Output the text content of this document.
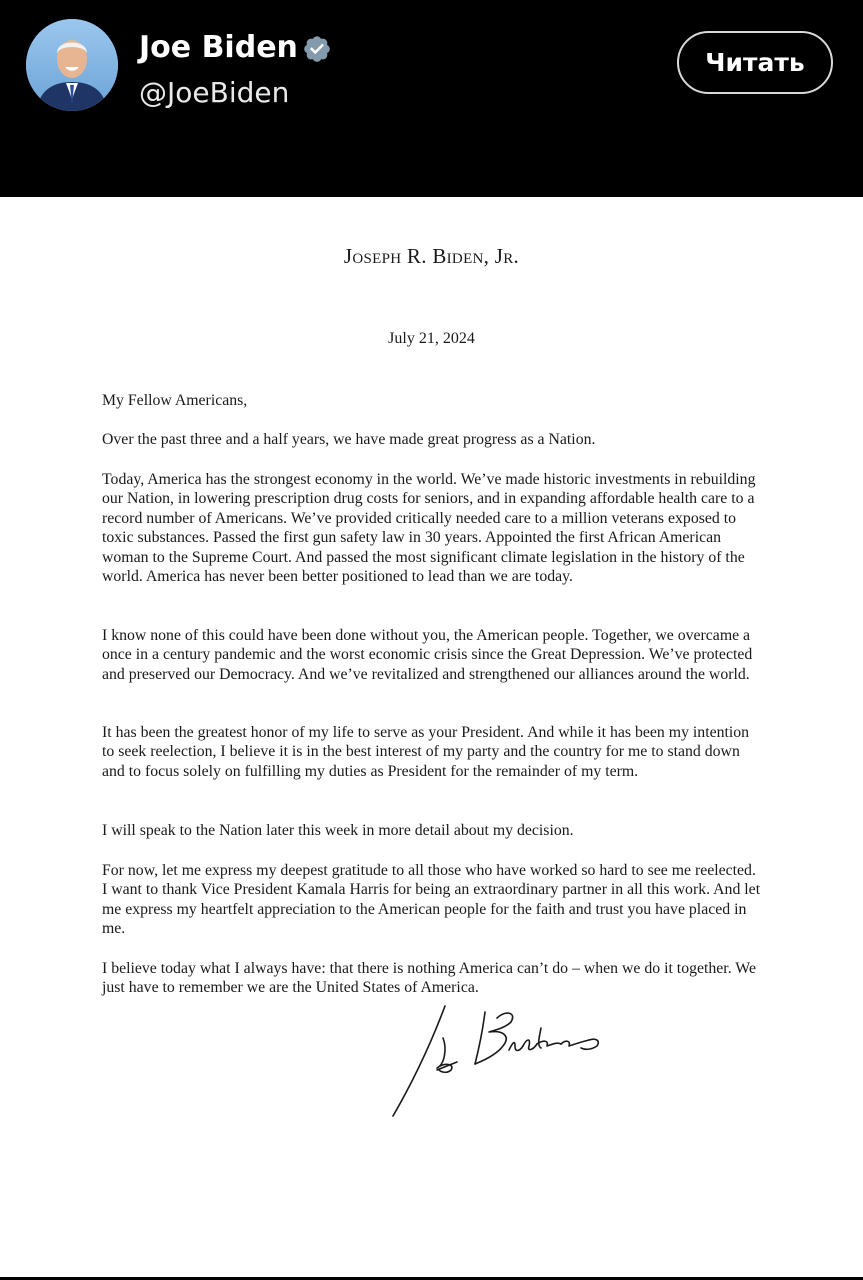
Joe Biden
@JoeBiden
Читать
Joseph R. Biden, Jr.
July 21, 2024

My Fellow Americans,

Over the past three and a half years, we have made great progress as a Nation.

Today, America has the strongest economy in the world. We’ve made historic investments in rebuilding our Nation, in lowering prescription drug costs for seniors, and in expanding affordable health care to a record number of Americans. We’ve provided critically needed care to a million veterans exposed to toxic substances. Passed the first gun safety law in 30 years. Appointed the first African American woman to the Supreme Court. And passed the most significant climate legislation in the history of the world. America has never been better positioned to lead than we are today.

I know none of this could have been done without you, the American people. Together, we overcame a once in a century pandemic and the worst economic crisis since the Great Depression. We’ve protected and preserved our Democracy. And we’ve revitalized and strengthened our alliances around the world.

It has been the greatest honor of my life to serve as your President. And while it has been my intention to seek reelection, I believe it is in the best interest of my party and the country for me to stand down and to focus solely on fulfilling my duties as President for the remainder of my term.

I will speak to the Nation later this week in more detail about my decision.

For now, let me express my deepest gratitude to all those who have worked so hard to see me reelected. I want to thank Vice President Kamala Harris for being an extraordinary partner in all this work. And let me express my heartfelt appreciation to the American people for the faith and trust you have placed in me.

I believe today what I always have: that there is nothing America can’t do – when we do it together. We just have to remember we are the United States of America.
